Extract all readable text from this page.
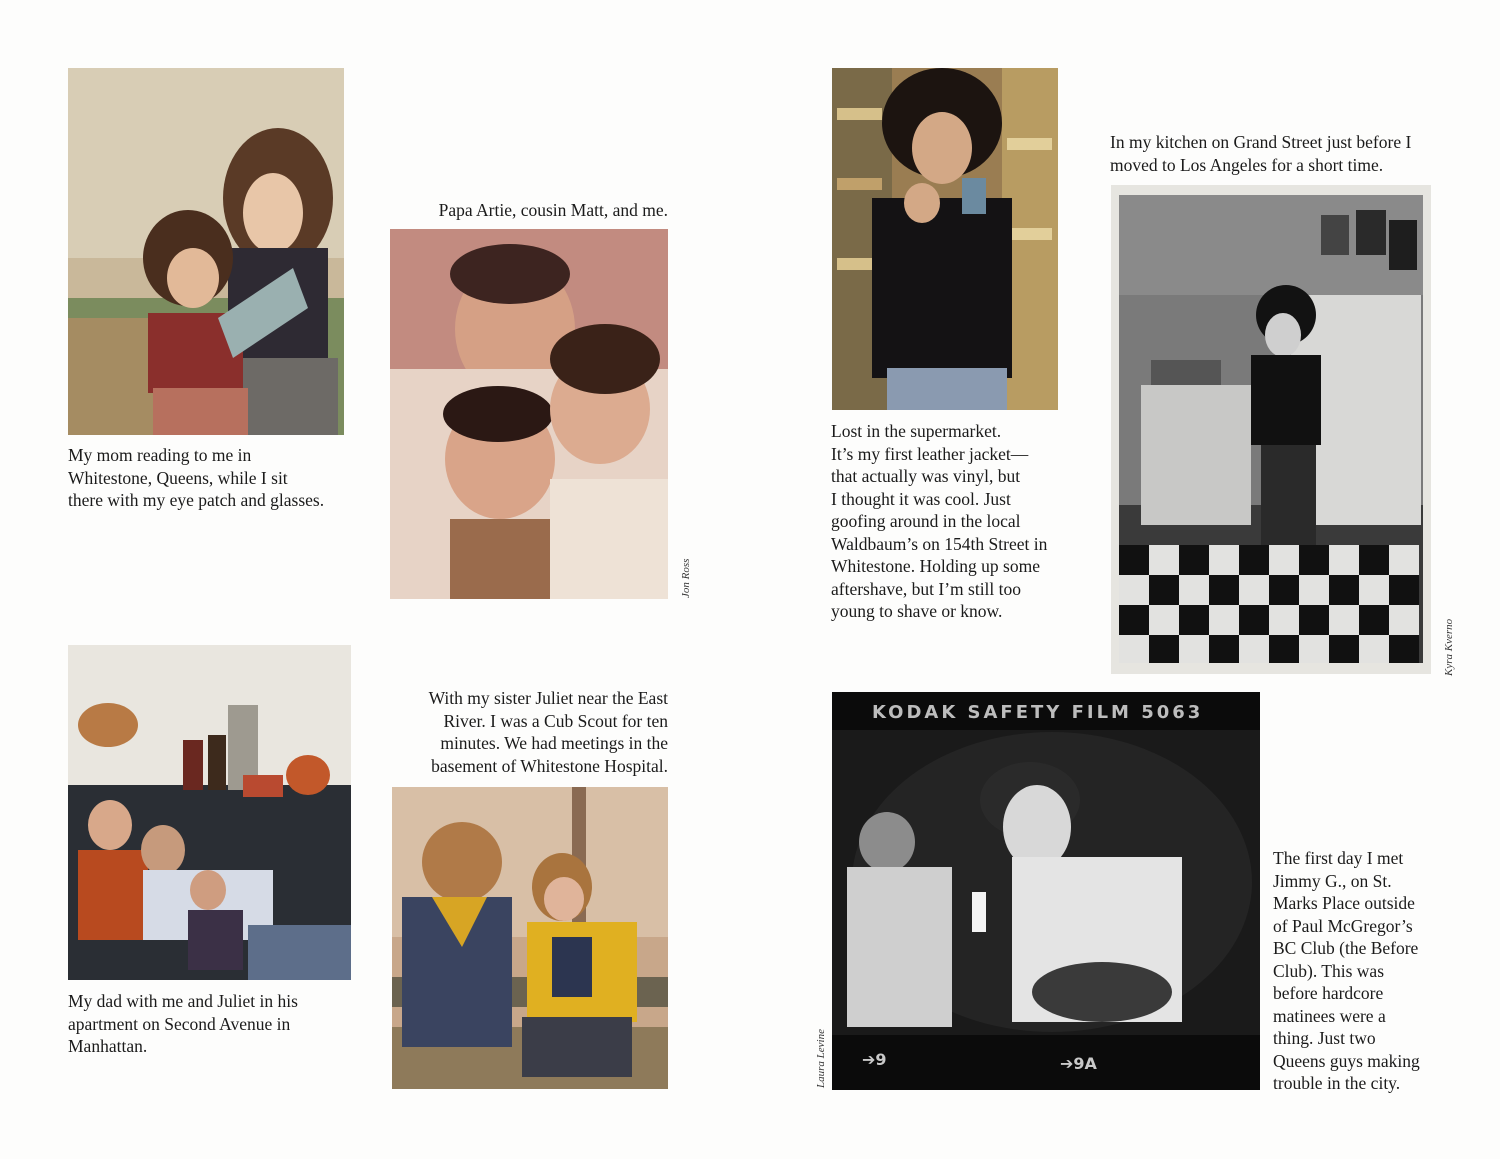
My mom reading to me in
Whitestone, Queens, while I sit
there with my eye patch and glasses.
Papa Artie, cousin Matt, and me.
Jon Ross
My dad with me and Juliet in his
apartment on Second Avenue in
Manhattan.
With my sister Juliet near the East
River. I was a Cub Scout for ten
minutes. We had meetings in the
basement of Whitestone Hospital.
Lost in the supermarket.
It’s my first leather jacket—
that actually was vinyl, but
I thought it was cool. Just
goofing around in the local
Waldbaum’s on 154th Street in
Whitestone. Holding up some
aftershave, but I’m still too
young to shave or know.
In my kitchen on Grand Street just before I
moved to Los Angeles for a short time.
Kyra Kverno
KODAK SAFETY FILM 5063
➔9	➔9A
Laura Levine
The first day I met
Jimmy G., on St.
Marks Place outside
of Paul McGregor’s
BC Club (the Before
Club). This was
before hardcore
matinees were a
thing. Just two
Queens guys making
trouble in the city.
